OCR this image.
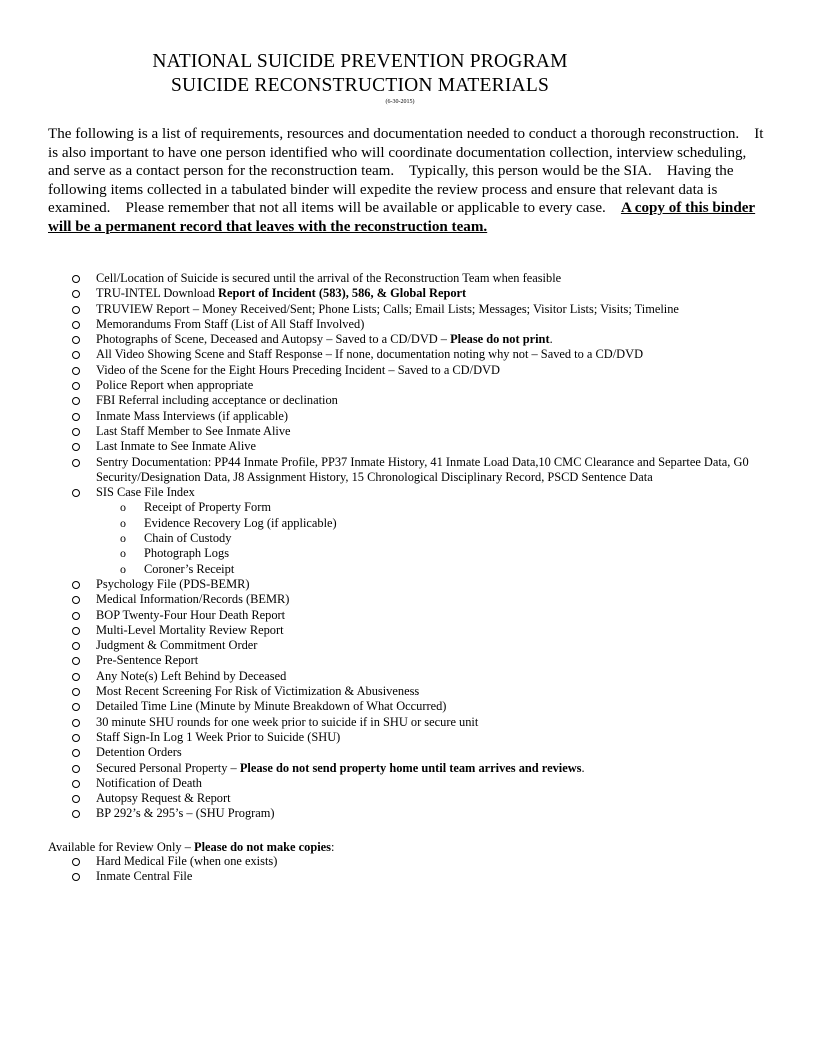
NATIONAL SUICIDE PREVENTION PROGRAM
SUICIDE RECONSTRUCTION MATERIALS
(6-30-2015)
The following is a list of requirements, resources and documentation needed to conduct a thorough reconstruction.    It is also important to have one person identified who will coordinate documentation collection, interview scheduling, and serve as a contact person for the reconstruction team.    Typically, this person would be the SIA.    Having the following items collected in a tabulated binder will expedite the review process and ensure that relevant data is examined.    Please remember that not all items will be available or applicable to every case.    A copy of this binder will be a permanent record that leaves with the reconstruction team.
Cell/Location of Suicide is secured until the arrival of the Reconstruction Team when feasible
TRU-INTEL Download Report of Incident (583), 586, & Global Report
TRUVIEW Report – Money Received/Sent; Phone Lists; Calls; Email Lists; Messages; Visitor Lists; Visits; Timeline
Memorandums From Staff (List of All Staff Involved)
Photographs of Scene, Deceased and Autopsy – Saved to a CD/DVD – Please do not print.
All Video Showing Scene and Staff Response – If none, documentation noting why not – Saved to a CD/DVD
Video of the Scene for the Eight Hours Preceding Incident – Saved to a CD/DVD
Police Report when appropriate
FBI Referral including acceptance or declination
Inmate Mass Interviews (if applicable)
Last Staff Member to See Inmate Alive
Last Inmate to See Inmate Alive
Sentry Documentation: PP44 Inmate Profile, PP37 Inmate History, 41 Inmate Load Data,10 CMC Clearance and Separtee Data, G0 Security/Designation Data, J8 Assignment History, 15 Chronological Disciplinary Record, PSCD Sentence Data
SIS Case File Index
o Receipt of Property Form
o Evidence Recovery Log (if applicable)
o Chain of Custody
o Photograph Logs
o Coroner’s Receipt
Psychology File (PDS-BEMR)
Medical Information/Records (BEMR)
BOP Twenty-Four Hour Death Report
Multi-Level Mortality Review Report
Judgment & Commitment Order
Pre-Sentence Report
Any Note(s) Left Behind by Deceased
Most Recent Screening For Risk of Victimization & Abusiveness
Detailed Time Line (Minute by Minute Breakdown of What Occurred)
30 minute SHU rounds for one week prior to suicide if in SHU or secure unit
Staff Sign-In Log 1 Week Prior to Suicide (SHU)
Detention Orders
Secured Personal Property – Please do not send property home until team arrives and reviews.
Notification of Death
Autopsy Request & Report
BP 292’s & 295’s – (SHU Program)
Available for Review Only – Please do not make copies:
Hard Medical File (when one exists)
Inmate Central File
